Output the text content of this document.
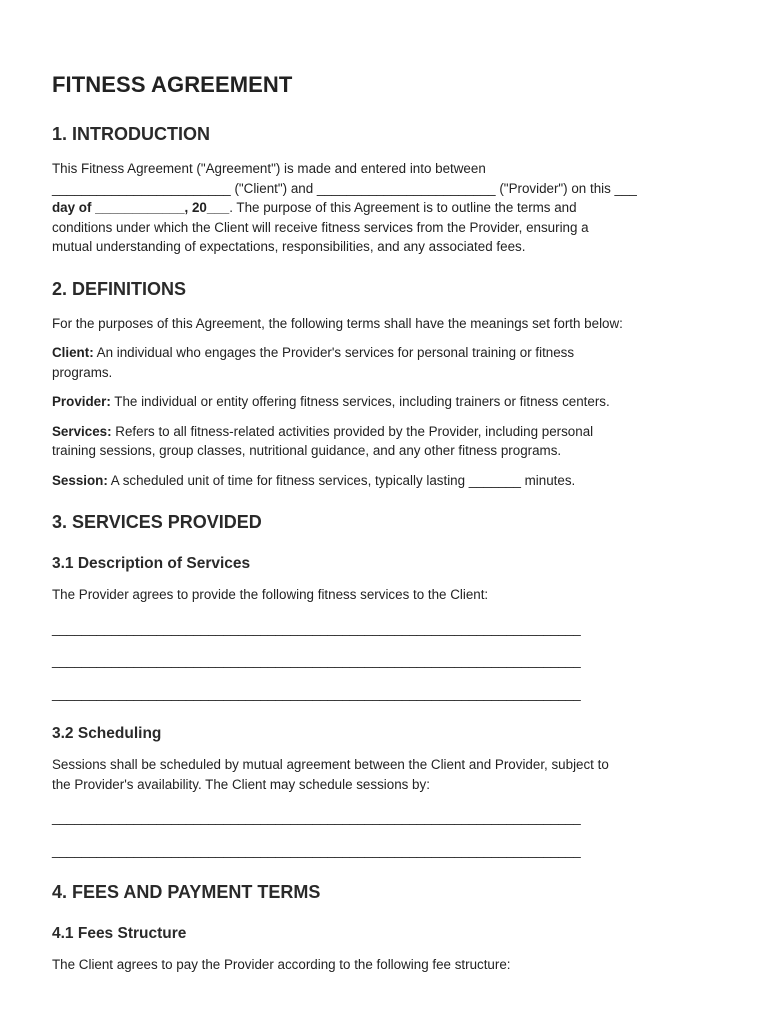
FITNESS AGREEMENT
1. INTRODUCTION
This Fitness Agreement ("Agreement") is made and entered into between
________________________ ("Client") and ________________________ ("Provider") on this ___
day of ____________, 20___. The purpose of this Agreement is to outline the terms and
conditions under which the Client will receive fitness services from the Provider, ensuring a
mutual understanding of expectations, responsibilities, and any associated fees.
2. DEFINITIONS
For the purposes of this Agreement, the following terms shall have the meanings set forth below:
Client: An individual who engages the Provider's services for personal training or fitness
programs.
Provider: The individual or entity offering fitness services, including trainers or fitness centers.
Services: Refers to all fitness-related activities provided by the Provider, including personal
training sessions, group classes, nutritional guidance, and any other fitness programs.
Session: A scheduled unit of time for fitness services, typically lasting _______ minutes.
3. SERVICES PROVIDED
3.1 Description of Services
The Provider agrees to provide the following fitness services to the Client:
_______________________________________________________________________
_______________________________________________________________________
_______________________________________________________________________
3.2 Scheduling
Sessions shall be scheduled by mutual agreement between the Client and Provider, subject to
the Provider's availability. The Client may schedule sessions by:
_______________________________________________________________________
_______________________________________________________________________
4. FEES AND PAYMENT TERMS
4.1 Fees Structure
The Client agrees to pay the Provider according to the following fee structure:
